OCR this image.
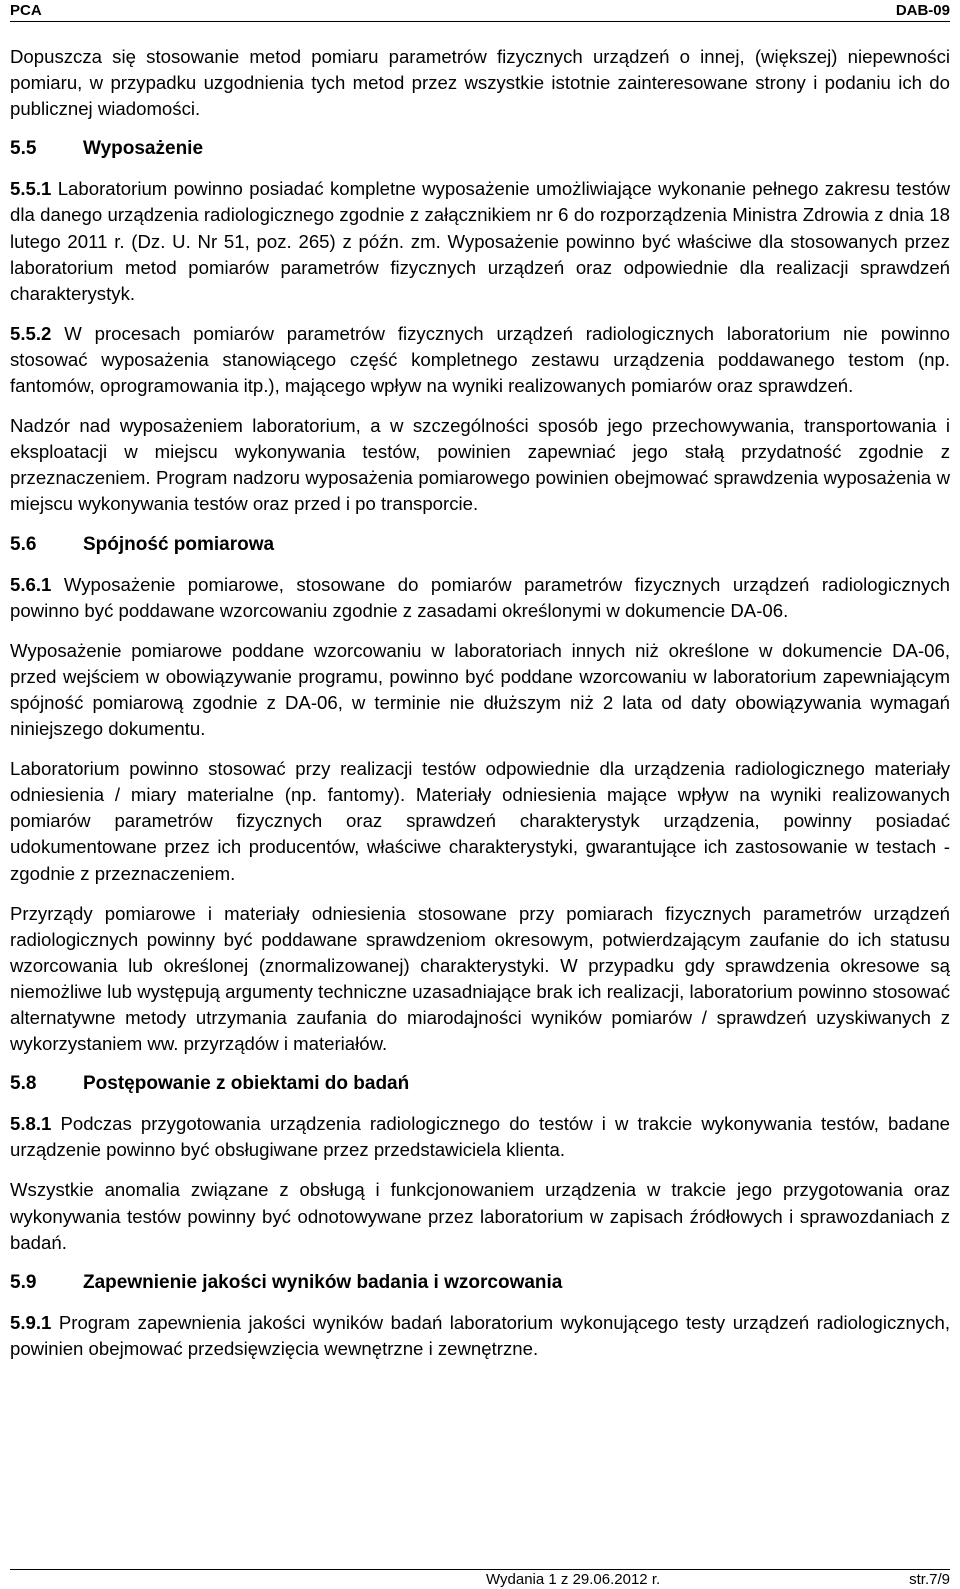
PCA	DAB-09

Dopuszcza się stosowanie metod pomiaru parametrów fizycznych urządzeń o innej, (większej) niepewności pomiaru, w przypadku uzgodnienia tych metod przez wszystkie istotnie zainteresowane strony i podaniu ich do publicznej wiadomości.

5.5 Wyposażenie

5.5.1 Laboratorium powinno posiadać kompletne wyposażenie umożliwiające wykonanie pełnego zakresu testów dla danego urządzenia radiologicznego zgodnie z załącznikiem nr 6 do rozporządzenia Ministra Zdrowia z dnia 18 lutego 2011 r. (Dz. U. Nr 51, poz. 265) z późn. zm. Wyposażenie powinno być właściwe dla stosowanych przez laboratorium metod pomiarów parametrów fizycznych urządzeń oraz odpowiednie dla realizacji sprawdzeń charakterystyk.

5.5.2 W procesach pomiarów parametrów fizycznych urządzeń radiologicznych laboratorium nie powinno stosować wyposażenia stanowiącego część kompletnego zestawu urządzenia poddawanego testom (np. fantomów, oprogramowania itp.), mającego wpływ na wyniki realizowanych pomiarów oraz sprawdzeń.

Nadzór nad wyposażeniem laboratorium, a w szczególności sposób jego przechowywania, transportowania i eksploatacji w miejscu wykonywania testów, powinien zapewniać jego stałą przydatność zgodnie z przeznaczeniem. Program nadzoru wyposażenia pomiarowego powinien obejmować sprawdzenia wyposażenia w miejscu wykonywania testów oraz przed i po transporcie.

5.6 Spójność pomiarowa

5.6.1 Wyposażenie pomiarowe, stosowane do pomiarów parametrów fizycznych urządzeń radiologicznych powinno być poddawane wzorcowaniu zgodnie z zasadami określonymi w dokumencie DA-06.

Wyposażenie pomiarowe poddane wzorcowaniu w laboratoriach innych niż określone w dokumencie DA-06, przed wejściem w obowiązywanie programu, powinno być poddane wzorcowaniu w laboratorium zapewniającym spójność pomiarową zgodnie z DA-06, w terminie nie dłuższym niż 2 lata od daty obowiązywania wymagań niniejszego dokumentu.

Laboratorium powinno stosować przy realizacji testów odpowiednie dla urządzenia radiologicznego materiały odniesienia / miary materialne (np. fantomy). Materiały odniesienia mające wpływ na wyniki realizowanych pomiarów parametrów fizycznych oraz sprawdzeń charakterystyk urządzenia, powinny posiadać udokumentowane przez ich producentów, właściwe charakterystyki, gwarantujące ich zastosowanie w testach - zgodnie z przeznaczeniem.

Przyrządy pomiarowe i materiały odniesienia stosowane przy pomiarach fizycznych parametrów urządzeń radiologicznych powinny być poddawane sprawdzeniom okresowym, potwierdzającym zaufanie do ich statusu wzorcowania lub określonej (znormalizowanej) charakterystyki. W przypadku gdy sprawdzenia okresowe są niemożliwe lub występują argumenty techniczne uzasadniające brak ich realizacji, laboratorium powinno stosować alternatywne metody utrzymania zaufania do miarodajności wyników pomiarów / sprawdzeń uzyskiwanych z wykorzystaniem ww. przyrządów i materiałów.

5.8 Postępowanie z obiektami do badań

5.8.1 Podczas przygotowania urządzenia radiologicznego do testów i w trakcie wykonywania testów, badane urządzenie powinno być obsługiwane przez przedstawiciela klienta.

Wszystkie anomalia związane z obsługą i funkcjonowaniem urządzenia w trakcie jego przygotowania oraz wykonywania testów powinny być odnotowywane przez laboratorium w zapisach źródłowych i sprawozdaniach z badań.

5.9 Zapewnienie jakości wyników badania i wzorcowania

5.9.1 Program zapewnienia jakości wyników badań laboratorium wykonującego testy urządzeń radiologicznych, powinien obejmować przedsięwzięcia wewnętrzne i zewnętrzne.

Wydania 1 z 29.06.2012 r.	str.7/9
